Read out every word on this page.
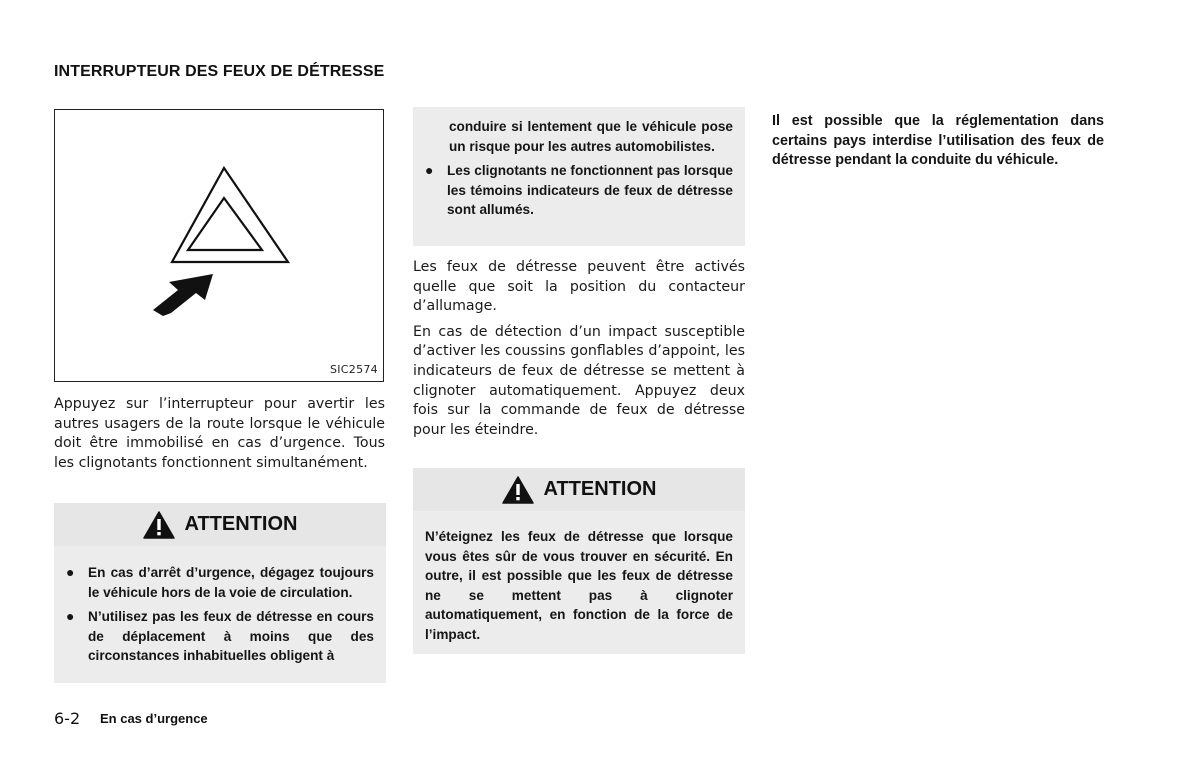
INTERRUPTEUR DES FEUX DE DÉTRESSE
SIC2574

Appuyez sur l’interrupteur pour avertir les autres usagers de la route lorsque le véhicule doit être immobilisé en cas d’urgence. Tous les clignotants fonctionnent simultanément.

ATTENTION
● En cas d’arrêt d’urgence, dégagez toujours le véhicule hors de la voie de circulation.
● N’utilisez pas les feux de détresse en cours de déplacement à moins que des circonstances inhabituelles obligent à
conduire si lentement que le véhicule pose un risque pour les autres automobilistes.
● Les clignotants ne fonctionnent pas lorsque les témoins indicateurs de feux de détresse sont allumés.

Les feux de détresse peuvent être activés quelle que soit la position du contacteur d’allumage.

En cas de détection d’un impact susceptible d’activer les coussins gonflables d’appoint, les indicateurs de feux de détresse se mettent à clignoter automatiquement. Appuyez deux fois sur la commande de feux de détresse pour les éteindre.

ATTENTION
N’éteignez les feux de détresse que lorsque vous êtes sûr de vous trouver en sécurité. En outre, il est possible que les feux de détresse ne se mettent pas à clignoter automatiquement, en fonction de la force de l’impact.
Il est possible que la réglementation dans certains pays interdise l’utilisation des feux de détresse pendant la conduite du véhicule.
6-2 En cas d’urgence
